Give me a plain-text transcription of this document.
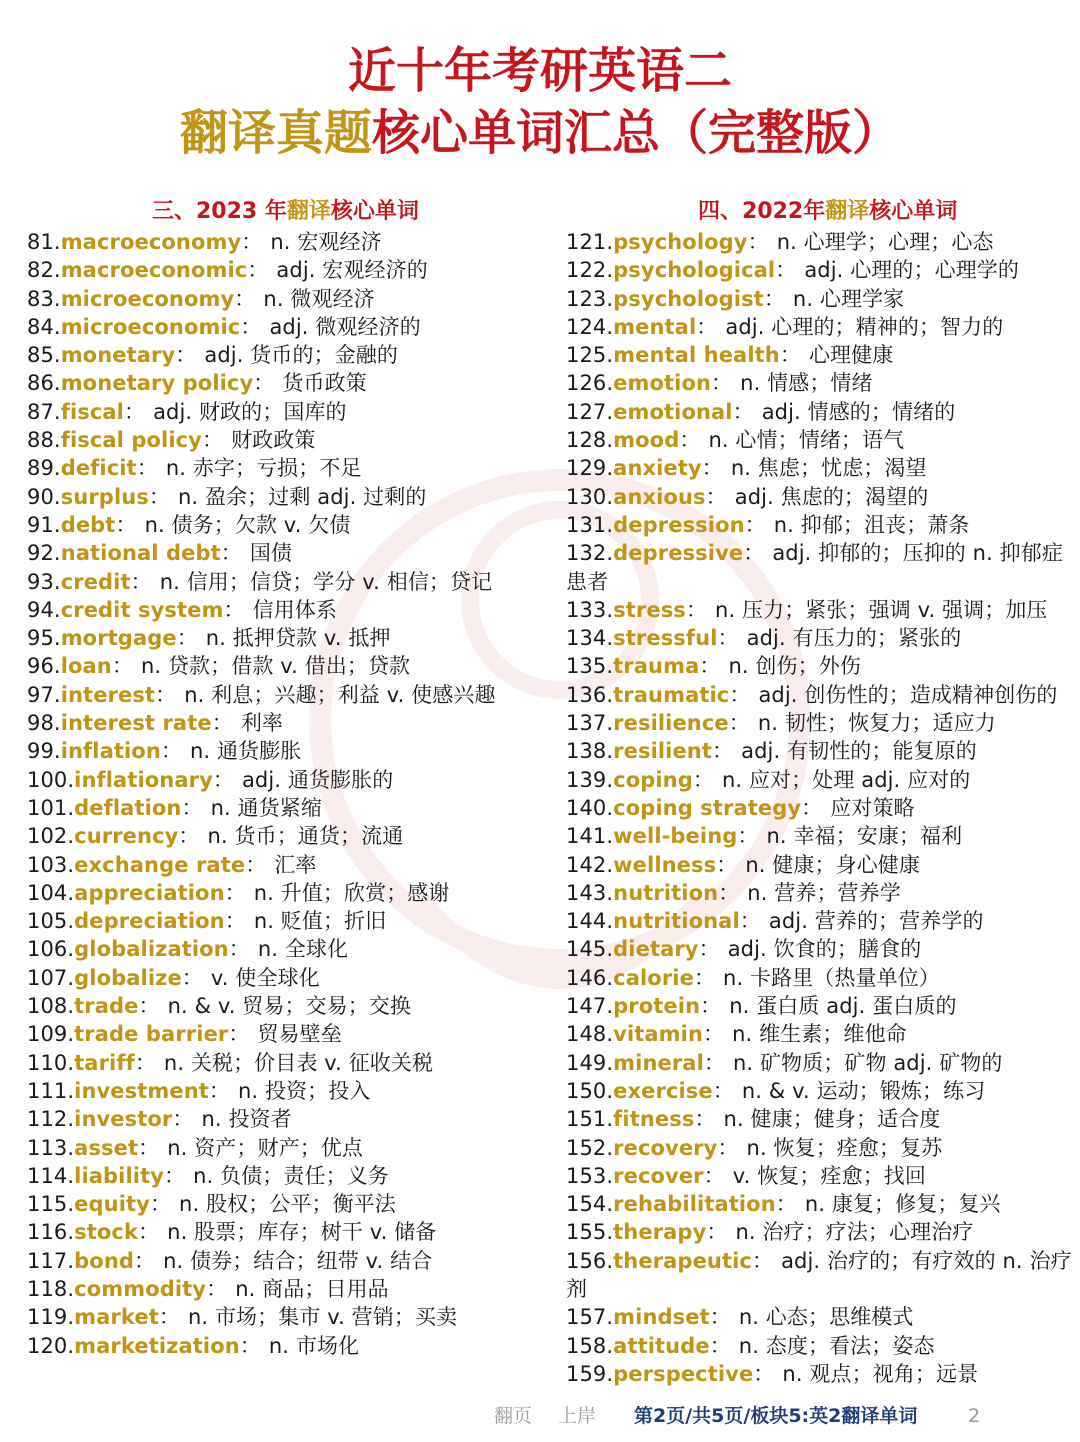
近十年考研英语二
翻译真题核心单词汇总（完整版）
三、2023 年翻译核心单词	四、2022年翻译核心单词
81.macroeconomy： n. 宏观经济
82.macroeconomic： adj. 宏观经济的
83.microeconomy： n. 微观经济
84.microeconomic： adj. 微观经济的
85.monetary： adj. 货币的；金融的
86.monetary policy： 货币政策
87.fiscal： adj. 财政的；国库的
88.fiscal policy： 财政政策
89.deficit： n. 赤字；亏损；不足
90.surplus： n. 盈余；过剩 adj. 过剩的
91.debt： n. 债务；欠款 v. 欠债
92.national debt： 国债
93.credit： n. 信用；信贷；学分 v. 相信；贷记
94.credit system： 信用体系
95.mortgage： n. 抵押贷款 v. 抵押
96.loan： n. 贷款；借款 v. 借出；贷款
97.interest： n. 利息；兴趣；利益 v. 使感兴趣
98.interest rate： 利率
99.inflation： n. 通货膨胀
100.inflationary： adj. 通货膨胀的
101.deflation： n. 通货紧缩
102.currency： n. 货币；通货；流通
103.exchange rate： 汇率
104.appreciation： n. 升值；欣赏；感谢
105.depreciation： n. 贬值；折旧
106.globalization： n. 全球化
107.globalize： v. 使全球化
108.trade： n. & v. 贸易；交易；交换
109.trade barrier： 贸易壁垒
110.tariff： n. 关税；价目表 v. 征收关税
111.investment： n. 投资；投入
112.investor： n. 投资者
113.asset： n. 资产；财产；优点
114.liability： n. 负债；责任；义务
115.equity： n. 股权；公平；衡平法
116.stock： n. 股票；库存；树干 v. 储备
117.bond： n. 债券；结合；纽带 v. 结合
118.commodity： n. 商品；日用品
119.market： n. 市场；集市 v. 营销；买卖
120.marketization： n. 市场化
121.psychology： n. 心理学；心理；心态
122.psychological： adj. 心理的；心理学的
123.psychologist： n. 心理学家
124.mental： adj. 心理的；精神的；智力的
125.mental health： 心理健康
126.emotion： n. 情感；情绪
127.emotional： adj. 情感的；情绪的
128.mood： n. 心情；情绪；语气
129.anxiety： n. 焦虑；忧虑；渴望
130.anxious： adj. 焦虑的；渴望的
131.depression： n. 抑郁；沮丧；萧条
132.depressive： adj. 抑郁的；压抑的 n. 抑郁症患者
133.stress： n. 压力；紧张；强调 v. 强调；加压
134.stressful： adj. 有压力的；紧张的
135.trauma： n. 创伤；外伤
136.traumatic： adj. 创伤性的；造成精神创伤的
137.resilience： n. 韧性；恢复力；适应力
138.resilient： adj. 有韧性的；能复原的
139.coping： n. 应对；处理 adj. 应对的
140.coping strategy： 应对策略
141.well-being： n. 幸福；安康；福利
142.wellness： n. 健康；身心健康
143.nutrition： n. 营养；营养学
144.nutritional： adj. 营养的；营养学的
145.dietary： adj. 饮食的；膳食的
146.calorie： n. 卡路里（热量单位）
147.protein： n. 蛋白质 adj. 蛋白质的
148.vitamin： n. 维生素；维他命
149.mineral： n. 矿物质；矿物 adj. 矿物的
150.exercise： n. & v. 运动；锻炼；练习
151.fitness： n. 健康；健身；适合度
152.recovery： n. 恢复；痊愈；复苏
153.recover： v. 恢复；痊愈；找回
154.rehabilitation： n. 康复；修复；复兴
155.therapy： n. 治疗；疗法；心理治疗
156.therapeutic： adj. 治疗的；有疗效的 n. 治疗剂
157.mindset： n. 心态；思维模式
158.attitude： n. 态度；看法；姿态
159.perspective： n. 观点；视角；远景
翻页 上岸	第2页/共5页/板块5:英2翻译单词	2
